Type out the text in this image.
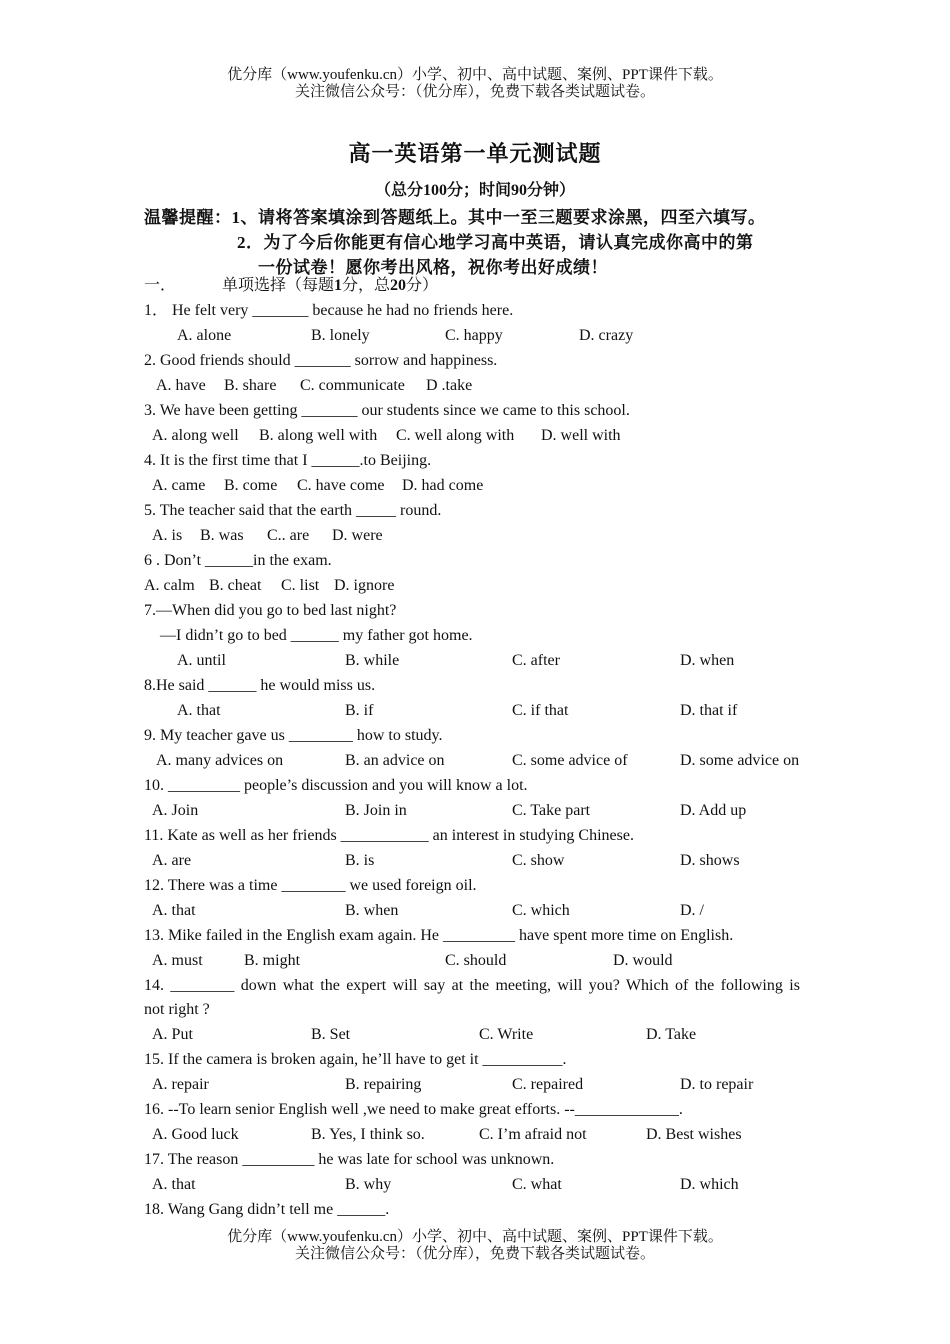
优分库（www.youfenku.cn）小学、初中、高中试题、案例、PPT课件下载。
关注微信公众号：（优分库），免费下载各类试题试卷。
高一英语第一单元测试题
（总分100分；时间90分钟）
温馨提醒：1、请将答案填涂到答题纸上。其中一至三题要求涂黑，四至六填写。
2．为了今后你能更有信心地学习高中英语，请认真完成你高中的第
一份试卷！愿你考出风格，祝你考出好成绩！
一．	单项选择（每题1分，总20分）
1． He felt very _______ because he had no friends here.
A. alone	B. lonely	C. happy	D. crazy
2. Good friends should _______ sorrow and happiness.
A. have B. share C. communicate D .take
3. We have been getting _______ our students since we came to this school.
A. along well B. along well with C. well along with D. well with
4. It is the first time that I ______.to Beijing.
A. came B. come C. have come D. had come
5. The teacher said that the earth _____ round.
A. is B. was C.. are D. were
6 . Don’t ______in the exam.
A. calm B. cheat C. list D. ignore
7.—When did you go to bed last night?
—I didn’t go to bed ______ my father got home.
A. until	B. while	C. after	D. when
8.He said ______ he would miss us.
A. that	B. if	C. if that	D. that if
9. My teacher gave us ________ how to study.
A. many advices on	B. an advice on	C. some advice of	D. some advice on
10. _________ people’s discussion and you will know a lot.
A. Join	B. Join in	C. Take part	D. Add up
11. Kate as well as her friends ___________ an interest in studying Chinese.
A. are	B. is	C. show	D. shows
12. There was a time ________ we used foreign oil.
A. that	B. when	C. which	D. /
13. Mike failed in the English exam again. He _________ have spent more time on English.
A. must	B. might	C. should	D. would
14. ________ down what the expert will say at the meeting, will you? Which of the following is
not right ?
A. Put	B. Set	C. Write	D. Take
15. If the camera is broken again, he’ll have to get it __________.
A. repair	B. repairing	C. repaired	D. to repair
16. --To learn senior English well ,we need to make great efforts. --_____________.
A. Good luck	B. Yes, I think so.	C. I’m afraid not	D. Best wishes
17. The reason _________ he was late for school was unknown.
A. that	B. why	C. what	D. which
18. Wang Gang didn’t tell me ______.
优分库（www.youfenku.cn）小学、初中、高中试题、案例、PPT课件下载。
关注微信公众号：（优分库），免费下载各类试题试卷。
